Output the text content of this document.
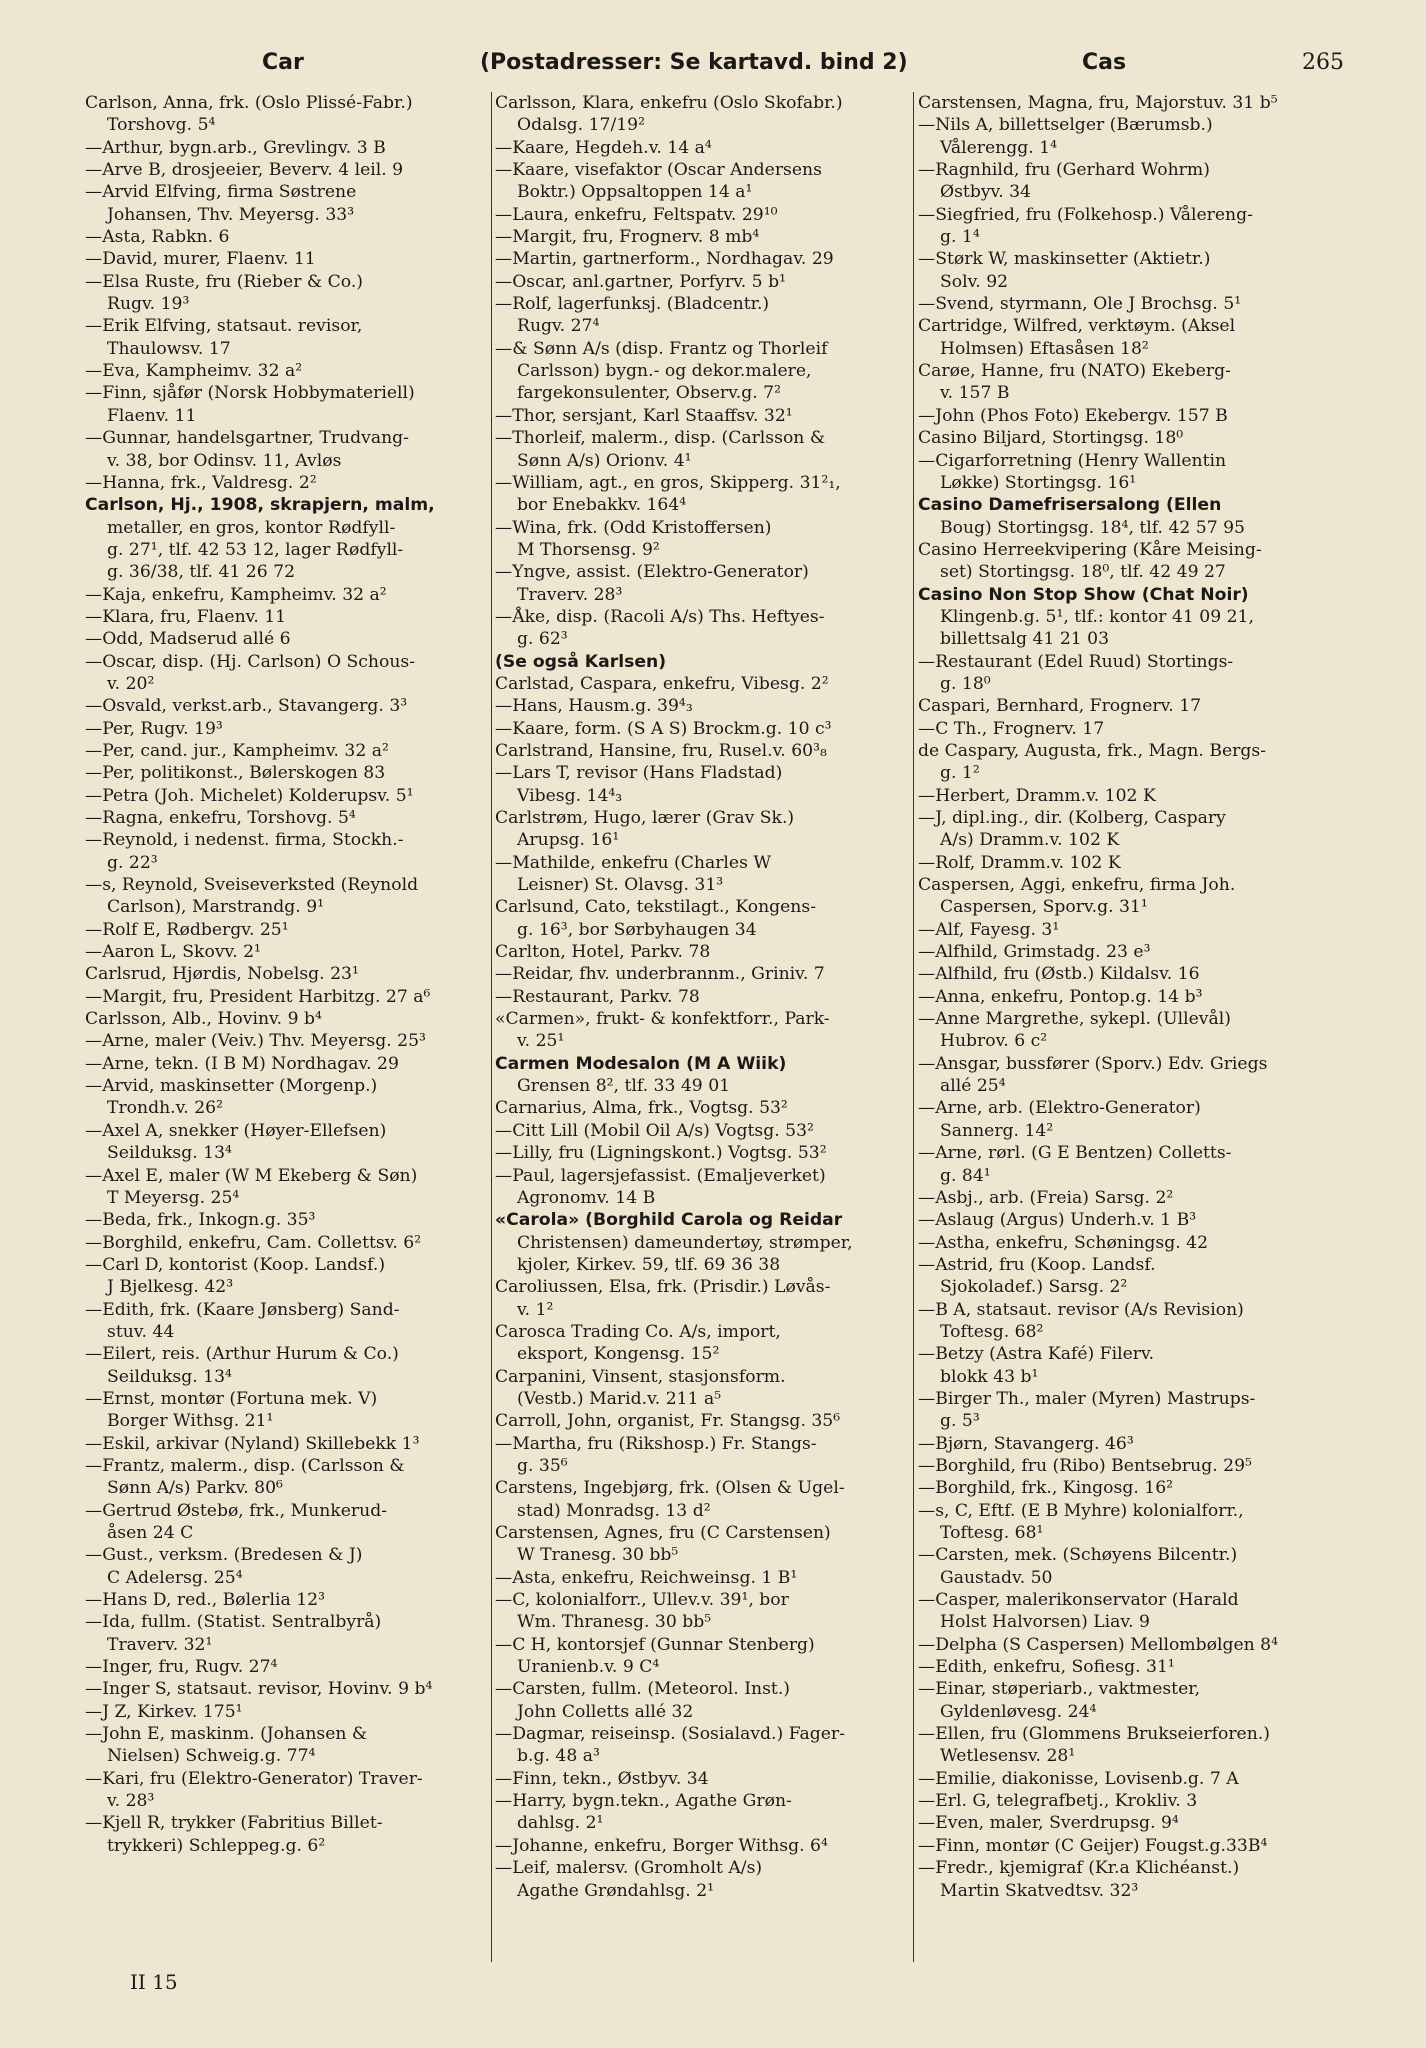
Car	(Postadresser: Se kartavd. bind 2)	Cas	265
Carlson, Anna, frk. (Oslo Plissé-Fabr.)
Torshovg. 5⁴
—Arthur, bygn.arb., Grevlingv. 3 B
—Arve B, drosjeeier, Beverv. 4 leil. 9
—Arvid Elfving, firma Søstrene
Johansen, Thv. Meyersg. 33³
—Asta, Rabkn. 6
—David, murer, Flaenv. 11
—Elsa Ruste, fru (Rieber & Co.)
Rugv. 19³
—Erik Elfving, statsaut. revisor,
Thaulowsv. 17
—Eva, Kampheimv. 32 a²
—Finn, sjåfør (Norsk Hobbymateriell)
Flaenv. 11
—Gunnar, handelsgartner, Trudvang-
v. 38, bor Odinsv. 11, Avløs
—Hanna, frk., Valdresg. 2²
Carlson, Hj., 1908, skrapjern, malm,
metaller, en gros, kontor Rødfyll-
g. 27¹, tlf. 42 53 12, lager Rødfyll-
g. 36/38, tlf. 41 26 72
—Kaja, enkefru, Kampheimv. 32 a²
—Klara, fru, Flaenv. 11
—Odd, Madserud allé 6
—Oscar, disp. (Hj. Carlson) O Schous-
v. 20²
—Osvald, verkst.arb., Stavangerg. 3³
—Per, Rugv. 19³
—Per, cand. jur., Kampheimv. 32 a²
—Per, politikonst., Bølerskogen 83
—Petra (Joh. Michelet) Kolderupsv. 5¹
—Ragna, enkefru, Torshovg. 5⁴
—Reynold, i nedenst. firma, Stockh.-
g. 22³
—s, Reynold, Sveiseverksted (Reynold
Carlson), Marstrandg. 9¹
—Rolf E, Rødbergv. 25¹
—Aaron L, Skovv. 2¹
Carlsrud, Hjørdis, Nobelsg. 23¹
—Margit, fru, President Harbitzg. 27 a⁶
Carlsson, Alb., Hovinv. 9 b⁴
—Arne, maler (Veiv.) Thv. Meyersg. 25³
—Arne, tekn. (I B M) Nordhagav. 29
—Arvid, maskinsetter (Morgenp.)
Trondh.v. 26²
—Axel A, snekker (Høyer-Ellefsen)
Seilduksg. 13⁴
—Axel E, maler (W M Ekeberg & Søn)
T Meyersg. 25⁴
—Beda, frk., Inkogn.g. 35³
—Borghild, enkefru, Cam. Collettsv. 6²
—Carl D, kontorist (Koop. Landsf.)
J Bjelkesg. 42³
—Edith, frk. (Kaare Jønsberg) Sand-
stuv. 44
—Eilert, reis. (Arthur Hurum & Co.)
Seilduksg. 13⁴
—Ernst, montør (Fortuna mek. V)
Borger Withsg. 21¹
—Eskil, arkivar (Nyland) Skillebekk 1³
—Frantz, malerm., disp. (Carlsson &
Sønn A/s) Parkv. 80⁶
—Gertrud Østebø, frk., Munkerud-
åsen 24 C
—Gust., verksm. (Bredesen & J)
C Adelersg. 25⁴
—Hans D, red., Bølerlia 12³
—Ida, fullm. (Statist. Sentralbyrå)
Traverv. 32¹
—Inger, fru, Rugv. 27⁴
—Inger S, statsaut. revisor, Hovinv. 9 b⁴
—J Z, Kirkev. 175¹
—John E, maskinm. (Johansen &
Nielsen) Schweig.g. 77⁴
—Kari, fru (Elektro-Generator) Traver-
v. 28³
—Kjell R, trykker (Fabritius Billet-
trykkeri) Schleppeg.g. 6²
Carlsson, Klara, enkefru (Oslo Skofabr.)
Odalsg. 17/19²
—Kaare, Hegdeh.v. 14 a⁴
—Kaare, visefaktor (Oscar Andersens
Boktr.) Oppsaltoppen 14 a¹
—Laura, enkefru, Feltspatv. 29¹⁰
—Margit, fru, Frognerv. 8 mb⁴
—Martin, gartnerform., Nordhagav. 29
—Oscar, anl.gartner, Porfyrv. 5 b¹
—Rolf, lagerfunksj. (Bladcentr.)
Rugv. 27⁴
—& Sønn A/s (disp. Frantz og Thorleif
Carlsson) bygn.- og dekor.malere,
fargekonsulenter, Observ.g. 7²
—Thor, sersjant, Karl Staaffsv. 32¹
—Thorleif, malerm., disp. (Carlsson &
Sønn A/s) Orionv. 4¹
—William, agt., en gros, Skipperg. 31²₁,
bor Enebakkv. 164⁴
—Wina, frk. (Odd Kristoffersen)
M Thorsensg. 9²
—Yngve, assist. (Elektro-Generator)
Traverv. 28³
—Åke, disp. (Racoli A/s) Ths. Heftyes-
g. 62³
(Se også Karlsen)
Carlstad, Caspara, enkefru, Vibesg. 2²
—Hans, Hausm.g. 39⁴₃
—Kaare, form. (S A S) Brockm.g. 10 c³
Carlstrand, Hansine, fru, Rusel.v. 60³₈
—Lars T, revisor (Hans Fladstad)
Vibesg. 14⁴₃
Carlstrøm, Hugo, lærer (Grav Sk.)
Arupsg. 16¹
—Mathilde, enkefru (Charles W
Leisner) St. Olavsg. 31³
Carlsund, Cato, tekstilagt., Kongens-
g. 16³, bor Sørbyhaugen 34
Carlton, Hotel, Parkv. 78
—Reidar, fhv. underbrannm., Griniv. 7
—Restaurant, Parkv. 78
«Carmen», frukt- & konfektforr., Park-
v. 25¹
Carmen Modesalon (M A Wiik)
Grensen 8², tlf. 33 49 01
Carnarius, Alma, frk., Vogtsg. 53²
—Citt Lill (Mobil Oil A/s) Vogtsg. 53²
—Lilly, fru (Ligningskont.) Vogtsg. 53²
—Paul, lagersjefassist. (Emaljeverket)
Agronomv. 14 B
«Carola» (Borghild Carola og Reidar
Christensen) dameundertøy, strømper,
kjoler, Kirkev. 59, tlf. 69 36 38
Caroliussen, Elsa, frk. (Prisdir.) Løvås-
v. 1²
Carosca Trading Co. A/s, import,
eksport, Kongensg. 15²
Carpanini, Vinsent, stasjonsform.
(Vestb.) Marid.v. 211 a⁵
Carroll, John, organist, Fr. Stangsg. 35⁶
—Martha, fru (Rikshosp.) Fr. Stangs-
g. 35⁶
Carstens, Ingebjørg, frk. (Olsen & Ugel-
stad) Monradsg. 13 d²
Carstensen, Agnes, fru (C Carstensen)
W Tranesg. 30 bb⁵
—Asta, enkefru, Reichweinsg. 1 B¹
—C, kolonialforr., Ullev.v. 39¹, bor
Wm. Thranesg. 30 bb⁵
—C H, kontorsjef (Gunnar Stenberg)
Uranienb.v. 9 C⁴
—Carsten, fullm. (Meteorol. Inst.)
John Colletts allé 32
—Dagmar, reiseinsp. (Sosialavd.) Fager-
b.g. 48 a³
—Finn, tekn., Østbyv. 34
—Harry, bygn.tekn., Agathe Grøn-
dahlsg. 2¹
—Johanne, enkefru, Borger Withsg. 6⁴
—Leif, malersv. (Gromholt A/s)
Agathe Grøndahlsg. 2¹
Carstensen, Magna, fru, Majorstuv. 31 b⁵
—Nils A, billettselger (Bærumsb.)
Vålerengg. 1⁴
—Ragnhild, fru (Gerhard Wohrm)
Østbyv. 34
—Siegfried, fru (Folkehosp.) Vålereng-
g. 1⁴
—Størk W, maskinsetter (Aktietr.)
Solv. 92
—Svend, styrmann, Ole J Brochsg. 5¹
Cartridge, Wilfred, verktøym. (Aksel
Holmsen) Eftasåsen 18²
Carøe, Hanne, fru (NATO) Ekeberg-
v. 157 B
—John (Phos Foto) Ekebergv. 157 B
Casino Biljard, Stortingsg. 18⁰
—Cigarforretning (Henry Wallentin
Løkke) Stortingsg. 16¹
Casino Damefrisersalong (Ellen
Boug) Stortingsg. 18⁴, tlf. 42 57 95
Casino Herreekvipering (Kåre Meising-
set) Stortingsg. 18⁰, tlf. 42 49 27
Casino Non Stop Show (Chat Noir)
Klingenb.g. 5¹, tlf.: kontor 41 09 21,
billettsalg 41 21 03
—Restaurant (Edel Ruud) Stortings-
g. 18⁰
Caspari, Bernhard, Frognerv. 17
—C Th., Frognerv. 17
de Caspary, Augusta, frk., Magn. Bergs-
g. 1²
—Herbert, Dramm.v. 102 K
—J, dipl.ing., dir. (Kolberg, Caspary
A/s) Dramm.v. 102 K
—Rolf, Dramm.v. 102 K
Caspersen, Aggi, enkefru, firma Joh.
Caspersen, Sporv.g. 31¹
—Alf, Fayesg. 3¹
—Alfhild, Grimstadg. 23 e³
—Alfhild, fru (Østb.) Kildalsv. 16
—Anna, enkefru, Pontop.g. 14 b³
—Anne Margrethe, sykepl. (Ullevål)
Hubrov. 6 c²
—Ansgar, bussfører (Sporv.) Edv. Griegs
allé 25⁴
—Arne, arb. (Elektro-Generator)
Sannerg. 14²
—Arne, rørl. (G E Bentzen) Colletts-
g. 84¹
—Asbj., arb. (Freia) Sarsg. 2²
—Aslaug (Argus) Underh.v. 1 B³
—Astha, enkefru, Schøningsg. 42
—Astrid, fru (Koop. Landsf.
Sjokoladef.) Sarsg. 2²
—B A, statsaut. revisor (A/s Revision)
Toftesg. 68²
—Betzy (Astra Kafé) Filerv.
blokk 43 b¹
—Birger Th., maler (Myren) Mastrups-
g. 5³
—Bjørn, Stavangerg. 46³
—Borghild, fru (Ribo) Bentsebrug. 29⁵
—Borghild, frk., Kingosg. 16²
—s, C, Eftf. (E B Myhre) kolonialforr.,
Toftesg. 68¹
—Carsten, mek. (Schøyens Bilcentr.)
Gaustadv. 50
—Casper, malerikonservator (Harald
Holst Halvorsen) Liav. 9
—Delpha (S Caspersen) Mellombølgen 8⁴
—Edith, enkefru, Sofiesg. 31¹
—Einar, støperiarb., vaktmester,
Gyldenløvesg. 24⁴
—Ellen, fru (Glommens Brukseierforen.)
Wetlesensv. 28¹
—Emilie, diakonisse, Lovisenb.g. 7 A
—Erl. G, telegrafbetj., Krokliv. 3
—Even, maler, Sverdrupsg. 9⁴
—Finn, montør (C Geijer) Fougst.g.33B⁴
—Fredr., kjemigraf (Kr.a Klichéanst.)
Martin Skatvedtsv. 32³
II 15
